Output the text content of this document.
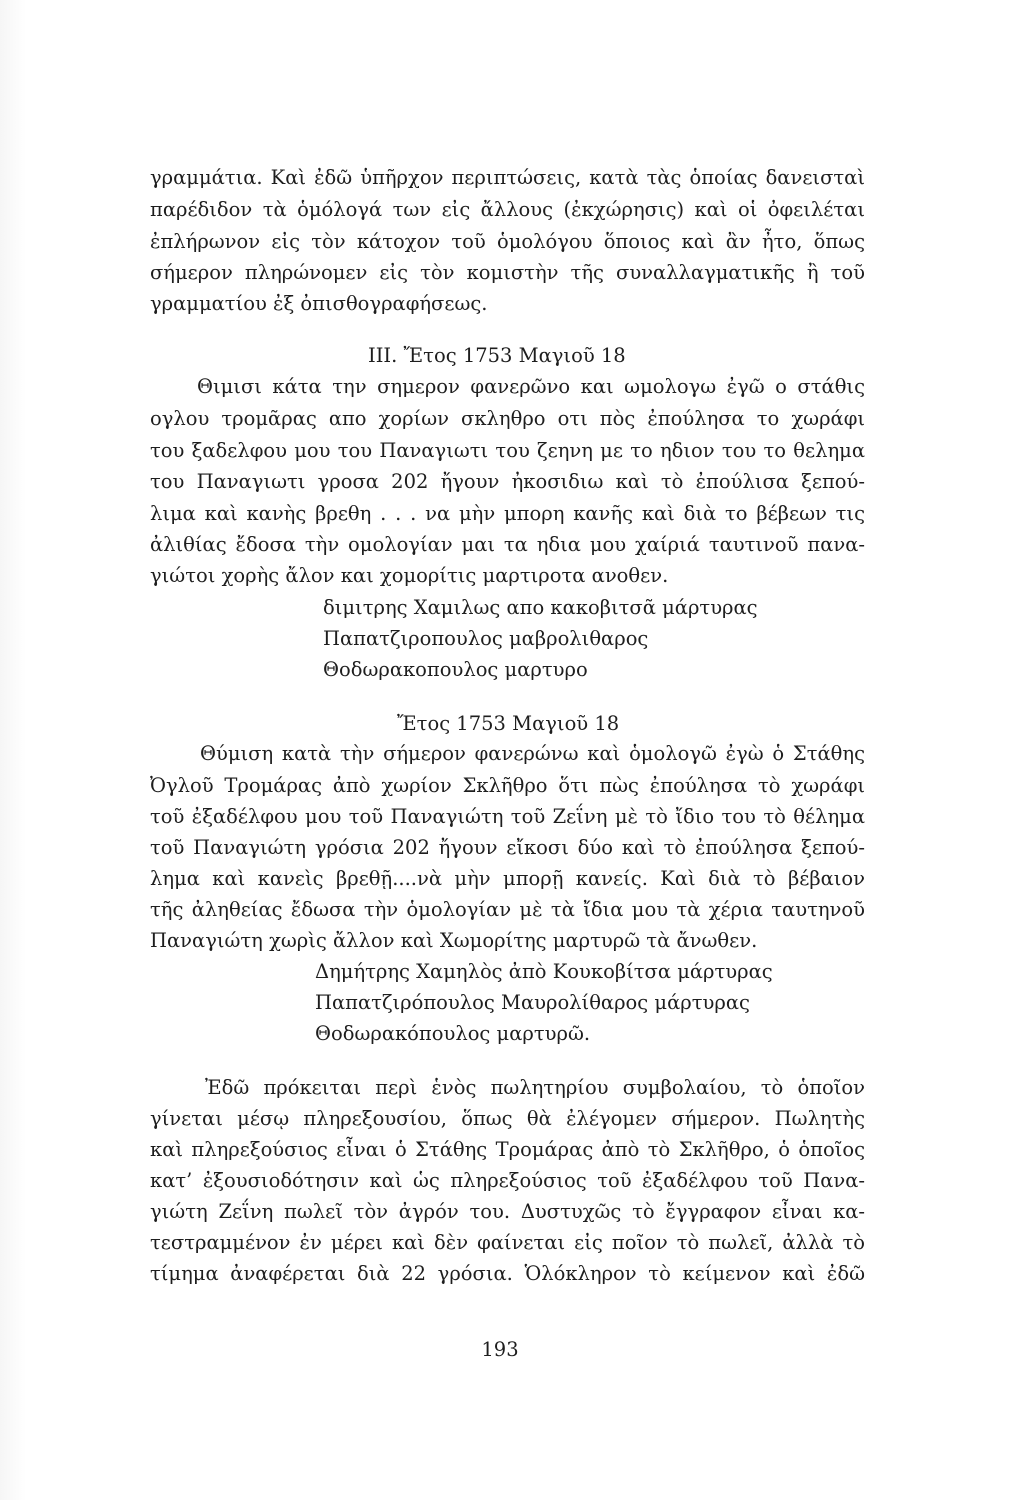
γραμμάτια. Καὶ ἐδῶ ὑπῆρχον περιπτώσεις, κατὰ τὰς ὁποίας δανεισταὶ
παρέδιδον τὰ ὁμόλογά των εἰς ἄλλους (ἐκχώρησις) καὶ οἱ ὀφειλέται
ἐπλήρωνον εἰς τὸν κάτοχον τοῦ ὁμολόγου ὅποιος καὶ ἂν ἦτο, ὅπως
σήμερον πληρώνομεν εἰς τὸν κομιστὴν τῆς συναλλαγματικῆς ἢ τοῦ
γραμματίου ἐξ ὀπισθογραφήσεως.
III. Ἔτος 1753 Μαγιοῦ 18
Θιμισι κάτα την σημερον φανερῶνο και ωμολογω ἐγῶ ο στάθις
ογλου τρομᾶρας απο χορίων σκληθρο οτι πὸς ἐπούλησα το χωράφι
του ξαδελφου μου του Παναγιωτι του ζεηνη με το ηδιον του το θελημα
του Παναγιωτι γροσα 202 ἤγουν ἠκοσιδιω καὶ τὸ ἐπούλισα ξεπού-
λιμα καὶ κανὴς βρεθη . . . να μὴν μπορη κανῆς καὶ διὰ το βέβεων τις
ἀλιθίας ἔδοσα τὴν ομολογίαν μαι τα ηδια μου χαίριά ταυτινοῦ πανα-
γιώτοι χορὴς ἄλον και χομορίτις μαρτιροτα ανοθεν.
διμιτρης Χαμιλως απο κακοβιτσᾶ μάρτυρας
Παπατζιροπουλος μαβρολιθαρος
Θοδωρακοπουλος μαρτυρο
Ἔτος 1753 Μαγιοῦ 18
Θύμιση κατὰ τὴν σήμερον φανερώνω καὶ ὁμολογῶ ἐγὼ ὁ Στάθης
Ὀγλοῦ Τρομάρας ἀπὸ χωρίον Σκλῆθρο ὅτι πὼς ἐπούλησα τὸ χωράφι
τοῦ ἐξαδέλφου μου τοῦ Παναγιώτη τοῦ Ζεΐνη μὲ τὸ ἴδιο του τὸ θέλημα
τοῦ Παναγιώτη γρόσια 202 ἤγουν εἴκοσι δύο καὶ τὸ ἐπούλησα ξεπού-
λημα καὶ κανεὶς βρεθῇ....νὰ μὴν μπορῇ κανείς. Καὶ διὰ τὸ βέβαιον
τῆς ἀληθείας ἔδωσα τὴν ὁμολογίαν μὲ τὰ ἴδια μου τὰ χέρια ταυτηνοῦ
Παναγιώτη χωρὶς ἄλλον καὶ Χωμορίτης μαρτυρῶ τὰ ἄνωθεν.
Δημήτρης Χαμηλὸς ἀπὸ Κουκοβίτσα μάρτυρας
Παπατζιρόπουλος Μαυρολίθαρος μάρτυρας
Θοδωρακόπουλος μαρτυρῶ.
Ἐδῶ πρόκειται περὶ ἑνὸς πωλητηρίου συμβολαίου, τὸ ὁποῖον
γίνεται μέσῳ πληρεξουσίου, ὅπως θὰ ἐλέγομεν σήμερον. Πωλητὴς
καὶ πληρεξούσιος εἶναι ὁ Στάθης Τρομάρας ἀπὸ τὸ Σκλῆθρο, ὁ ὁποῖος
κατ’ ἐξουσιοδότησιν καὶ ὡς πληρεξούσιος τοῦ ἐξαδέλφου τοῦ Πανα-
γιώτη Ζεΐνη πωλεῖ τὸν ἀγρόν του. Δυστυχῶς τὸ ἔγγραφον εἶναι κα-
τεστραμμένον ἐν μέρει καὶ δὲν φαίνεται εἰς ποῖον τὸ πωλεῖ, ἀλλὰ τὸ
τίμημα ἀναφέρεται διὰ 22 γρόσια. Ὁλόκληρον τὸ κείμενον καὶ ἐδῶ
193
